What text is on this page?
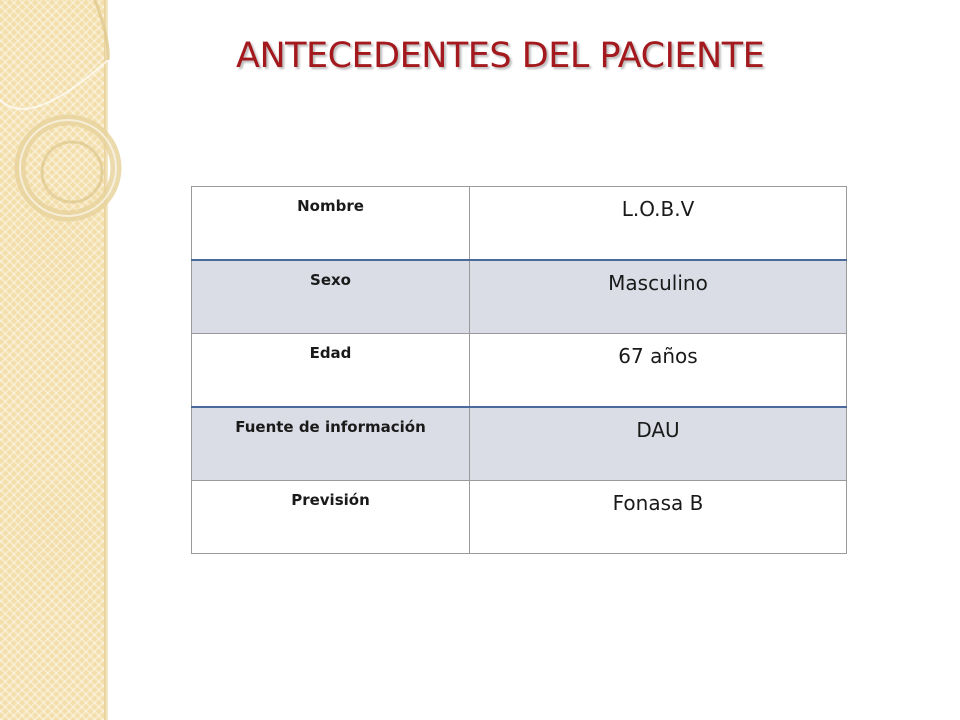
ANTECEDENTES DEL PACIENTE
Nombre	L.O.B.V
Sexo	Masculino
Edad	67 años
Fuente de información	DAU
Previsión	Fonasa B
